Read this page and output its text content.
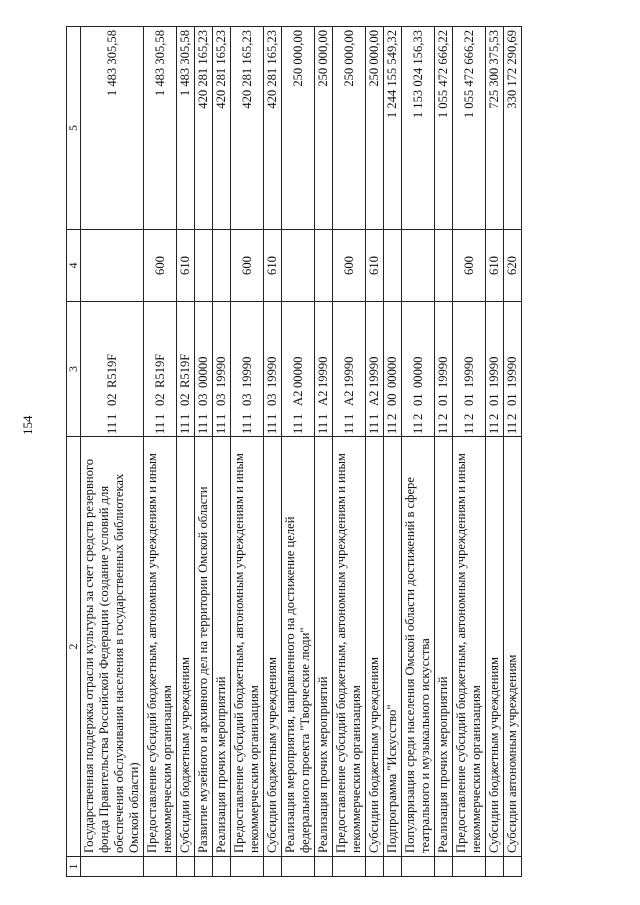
154
1	2	3	4	5
	Государственная поддержка отрасли культуры за счет средств резервного фонда Правительства Российской Федерации (создание условий для обеспечения обслуживания населения в государственных библиотеках Омской области)	11102R519F		1 483 305,58
	Предоставление субсидий бюджетным, автономным учреждениям и иным некоммерческим организациям	11102R519F	600	1 483 305,58
	Субсидии бюджетным учреждениям	11102R519F	610	1 483 305,58
	Развитие музейного и архивного дел на территории Омской области	1110300000		420 281 165,23
	Реализация прочих мероприятий	1110319990		420 281 165,23
	Предоставление субсидий бюджетным, автономным учреждениям и иным некоммерческим организациям	1110319990	600	420 281 165,23
	Субсидии бюджетным учреждениям	1110319990	610	420 281 165,23
	Реализация мероприятия, направленного на достижение целей федерального проекта "Творческие люди"	111A200000		250 000,00
	Реализация прочих мероприятий	111A219990		250 000,00
	Предоставление субсидий бюджетным, автономным учреждениям и иным некоммерческим организациям	111A219990	600	250 000,00
	Субсидии бюджетным учреждениям	111A219990	610	250 000,00
	Подпрограмма "Искусство"	1120000000		1 244 155 549,32
	Популяризация среди населения Омской области достижений в сфере театрального и музыкального искусства	1120100000		1 153 024 156,33
	Реализация прочих мероприятий	1120119990		1 055 472 666,22
	Предоставление субсидий бюджетным, автономным учреждениям и иным некоммерческим организациям	1120119990	600	1 055 472 666,22
	Субсидии бюджетным учреждениям	1120119990	610	725 300 375,53
	Субсидии автономным учреждениям	1120119990	620	330 172 290,69
